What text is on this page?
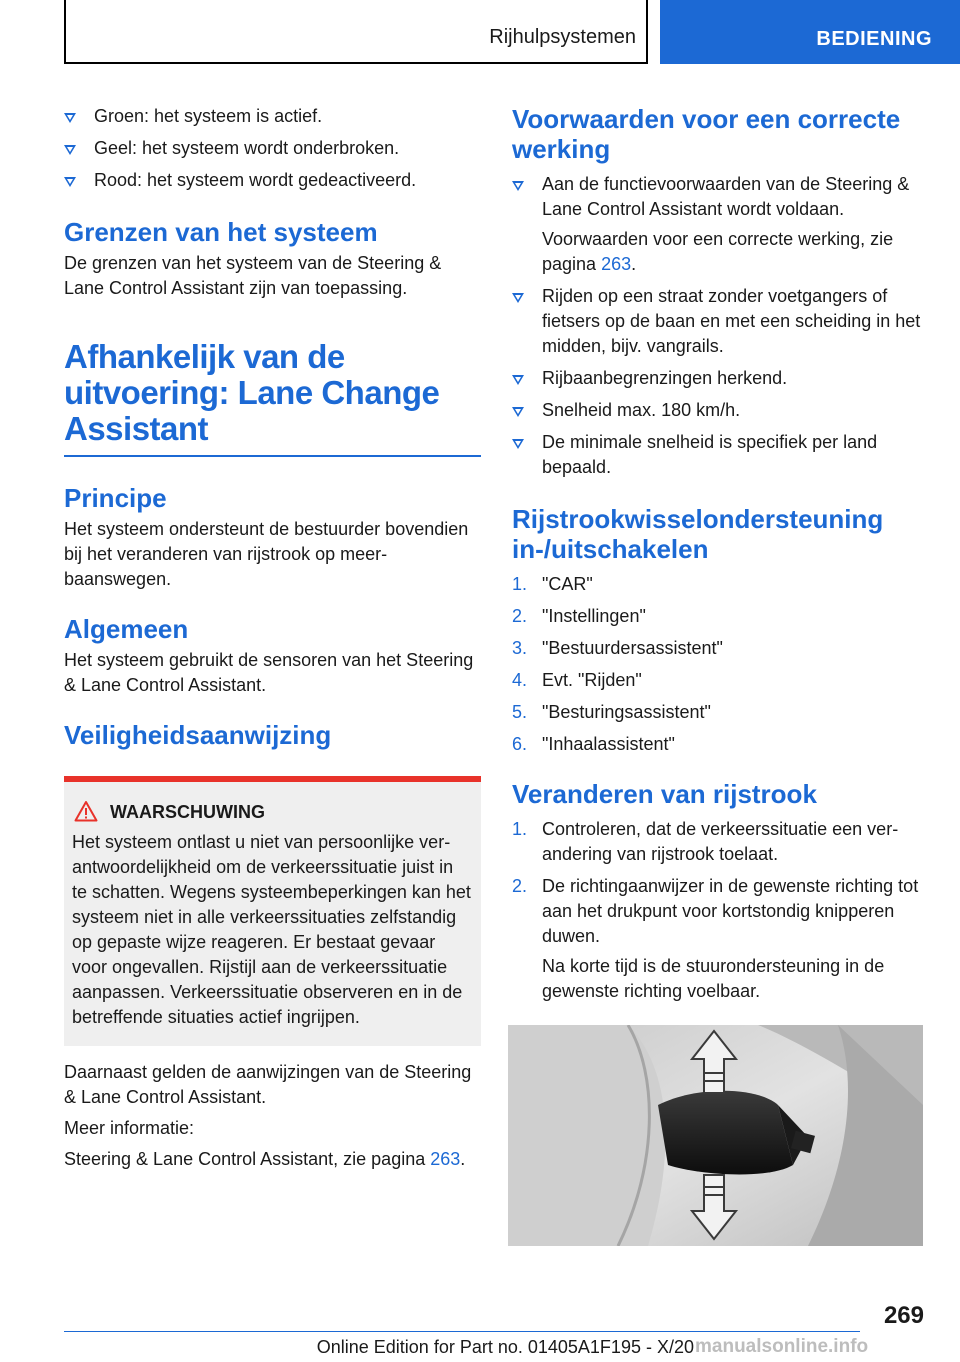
Rijhulpsystemen	BEDIENING
Groen: het systeem is actief.
Geel: het systeem wordt onderbroken.
Rood: het systeem wordt gedeactiveerd.
Grenzen van het systeem

De grenzen van het systeem van de Steering & Lane Control Assistant zijn van toepassing.

Afhankelijk van de
uitvoering: Lane Change
Assistant
Principe

Het systeem ondersteunt de bestuurder bovendien bij het veranderen van rijstrook op meerbaanswegen.

Algemeen

Het systeem gebruikt de sensoren van het Steering & Lane Control Assistant.

Veiligheidsaanwijzing
WAARSCHUWING
Het systeem ontlast u niet van persoonlijke verantwoordelijkheid om de verkeerssituatie juist in te schatten. Wegens systeembeperkingen kan het systeem niet in alle verkeerssituaties zelfstandig op gepaste wijze reageren. Er bestaat gevaar voor ongevallen. Rijstijl aan de verkeerssituatie aanpassen. Verkeerssituatie observeren en in de betreffende situaties actief ingrijpen.

Daarnaast gelden de aanwijzingen van de Steering & Lane Control Assistant.

Meer informatie:

Steering & Lane Control Assistant, zie pagina 263.

Voorwaarden voor een correcte werking
Aan de functievoorwaarden van de Steering & Lane Control Assistant wordt voldaan.
Voorwaarden voor een correcte werking, zie pagina 263.
Rijden op een straat zonder voetgangers of fietsers op de baan en met een scheiding in het midden, bijv. vangrails.
Rijbaanbegrenzingen herkend.
Snelheid max. 180 km/h.
De minimale snelheid is specifiek per land bepaald.
Rijstrookwisselondersteuning in-/uitschakelen
1. "CAR"
2. "Instellingen"
3. "Bestuurdersassistent"
4. Evt. "Rijden"
5. "Besturingsassistent"
6. "Inhaalassistent"
Veranderen van rijstrook
1. Controleren, dat de verkeerssituatie een verandering van rijstrook toelaat.
2. De richtingaanwijzer in de gewenste richting tot aan het drukpunt voor kortstondig knipperen duwen.
Na korte tijd is de stuurondersteuning in de gewenste richting voelbaar.
269
Online Edition for Part no. 01405A1F195 - X/20 manualsonline.info
